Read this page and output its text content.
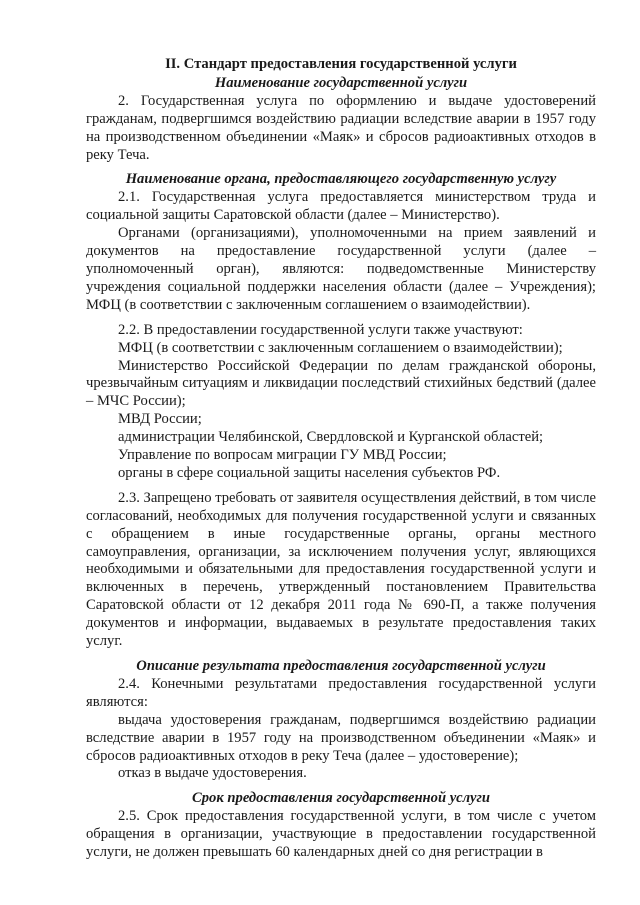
II. Стандарт предоставления государственной услуги
Наименование государственной услуги

2. Государственная услуга по оформлению и выдаче удостоверений гражданам, подвергшимся воздействию радиации вследствие аварии в 1957 году на производственном объединении «Маяк» и сбросов радиоактивных отходов в реку Теча.

Наименование органа, предоставляющего государственную услугу

2.1. Государственная услуга предоставляется министерством труда и социальной защиты Саратовской области (далее – Министерство).

Органами (организациями), уполномоченными на прием заявлений и документов на предоставление государственной услуги (далее – уполномоченный орган), являются: подведомственные Министерству учреждения социальной поддержки населения области (далее – Учреждения); МФЦ (в соответствии с заключенным соглашением о взаимодействии).

2.2. В предоставлении государственной услуги также участвуют:

МФЦ (в соответствии с заключенным соглашением о взаимодействии);

Министерство Российской Федерации по делам гражданской обороны, чрезвычайным ситуациям и ликвидации последствий стихийных бедствий (далее – МЧС России);

МВД России;

администрации Челябинской, Свердловской и Курганской областей;

Управление по вопросам миграции ГУ МВД России;

органы в сфере социальной защиты населения субъектов РФ.

2.3. Запрещено требовать от заявителя осуществления действий, в том числе согласований, необходимых для получения государственной услуги и связанных с обращением в иные государственные органы, органы местного самоуправления, организации, за исключением получения услуг, являющихся необходимыми и обязательными для предоставления государственной услуги и включенных в перечень, утвержденный постановлением Правительства Саратовской области от 12 декабря 2011 года № 690-П, а также получения документов и информации, выдаваемых в результате предоставления таких услуг.

Описание результата предоставления государственной услуги

2.4. Конечными результатами предоставления государственной услуги являются:

выдача удостоверения гражданам, подвергшимся воздействию радиации вследствие аварии в 1957 году на производственном объединении «Маяк» и сбросов радиоактивных отходов в реку Теча (далее – удостоверение);

отказ в выдаче удостоверения.

Срок предоставления государственной услуги

2.5. Срок предоставления государственной услуги, в том числе с учетом обращения в организации, участвующие в предоставлении государственной услуги, не должен превышать 60 календарных дней со дня регистрации в
